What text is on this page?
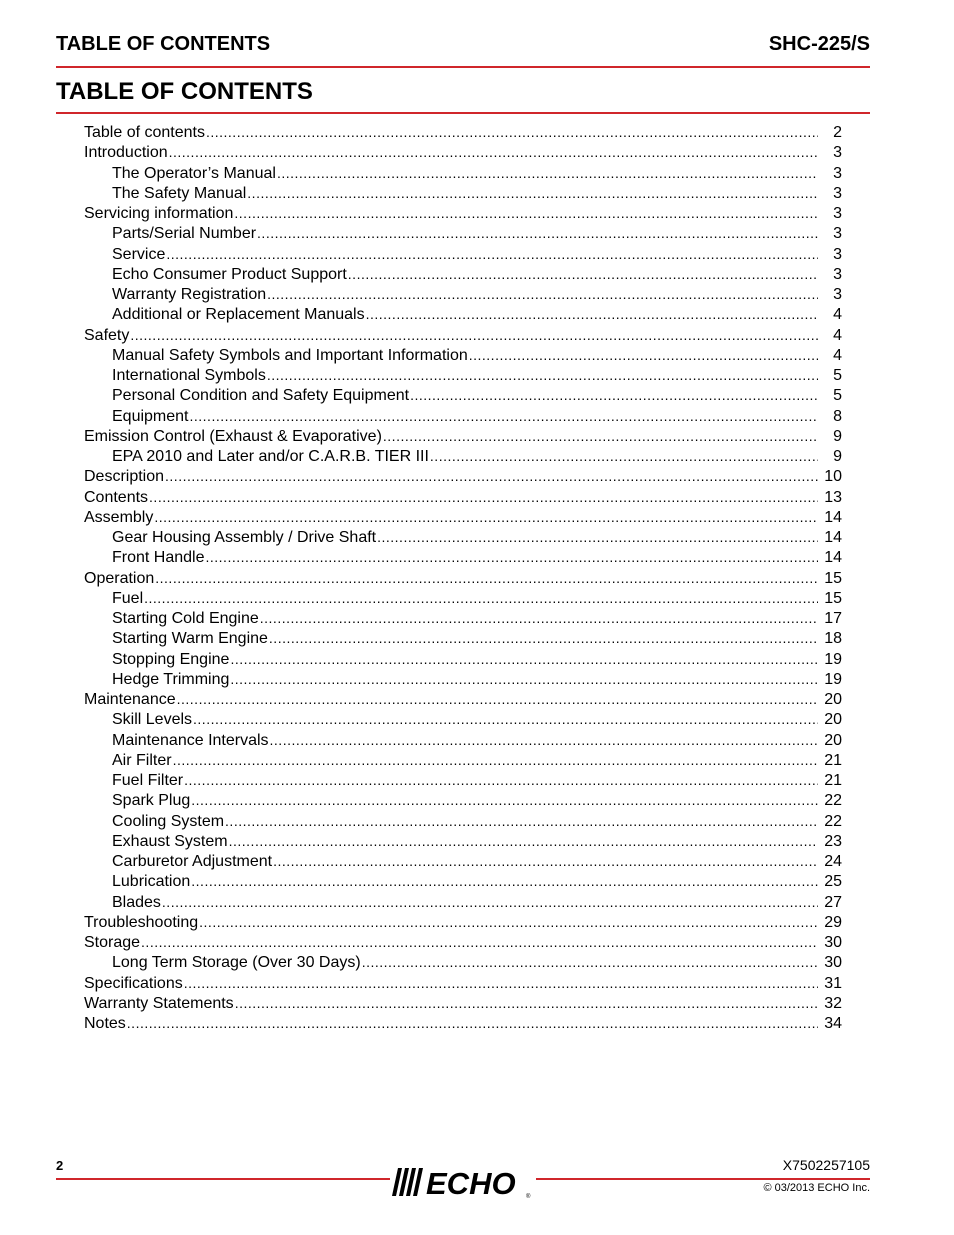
TABLE OF CONTENTS	SHC-225/S
TABLE OF CONTENTS
Table of contents .....	2
Introduction .....	3
The Operator’s Manual .....	3
The Safety Manual .....	3
Servicing information .....	3
Parts/Serial Number .....	3
Service .....	3
Echo Consumer Product Support .....	3
Warranty Registration .....	3
Additional or Replacement Manuals .....	4
Safety .....	4
Manual Safety Symbols and Important Information .....	4
International Symbols .....	5
Personal Condition and Safety Equipment .....	5
Equipment .....	8
Emission Control (Exhaust & Evaporative) .....	9
EPA 2010 and Later and/or C.A.R.B. TIER III .....	9
Description .....	10
Contents .....	13
Assembly .....	14
Gear Housing Assembly / Drive Shaft .....	14
Front Handle .....	14
Operation .....	15
Fuel .....	15
Starting Cold Engine .....	17
Starting Warm Engine .....	18
Stopping Engine .....	19
Hedge Trimming .....	19
Maintenance .....	20
Skill Levels .....	20
Maintenance Intervals .....	20
Air Filter .....	21
Fuel Filter .....	21
Spark Plug .....	22
Cooling System .....	22
Exhaust System .....	23
Carburetor Adjustment .....	24
Lubrication .....	25
Blades .....	27
Troubleshooting .....	29
Storage .....	30
Long Term Storage (Over 30 Days) .....	30
Specifications .....	31
Warranty Statements .....	32
Notes .....	34
2
ECHO ®
X7502257105
© 03/2013 ECHO Inc.
